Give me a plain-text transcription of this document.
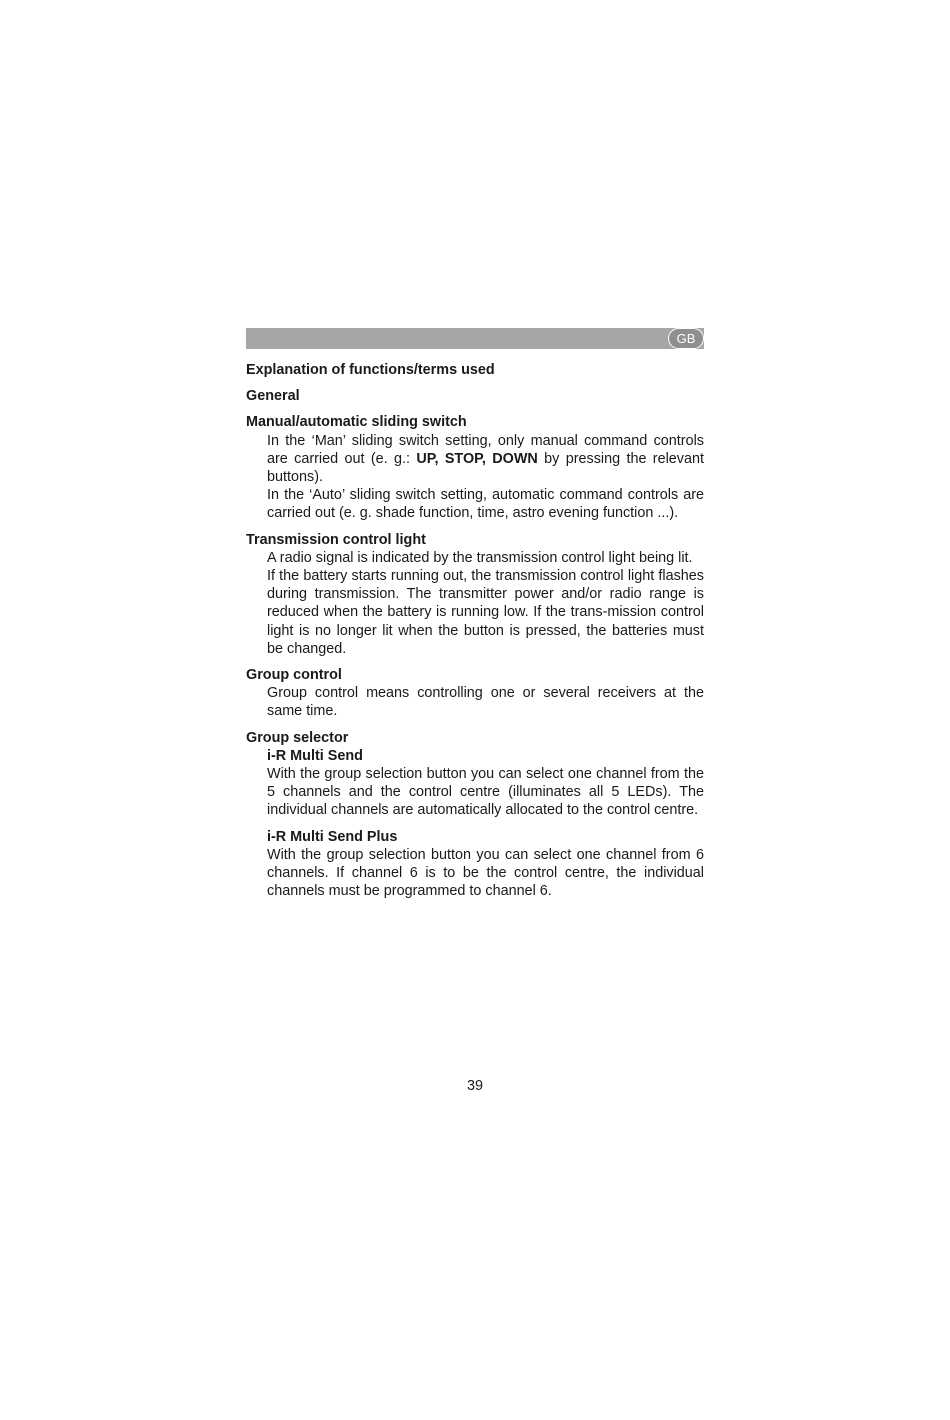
GB

Explanation of functions/terms used

General

Manual/automatic sliding switch

In the ‘Man’ sliding switch setting, only manual command controls are carried out (e. g.: UP, STOP, DOWN by pressing the relevant buttons).

In the ‘Auto’ sliding switch setting, automatic command controls are carried out (e. g. shade function, time, astro evening function ...).

Transmission control light

A radio signal is indicated by the transmission control light being lit.

If the battery starts running out, the transmission control light flashes during transmission. The transmitter power and/or radio range is reduced when the battery is running low. If the trans-mission control light is no longer lit when the button is pressed, the batteries must be changed.

Group control

Group control means controlling one or several receivers at the same time.

Group selector

i-R Multi Send

With the group selection button you can select one channel from the 5 channels and the control centre (illuminates all 5 LEDs). The individual channels are automatically allocated to the control centre.

i-R Multi Send Plus

With the group selection button you can select one channel from 6 channels. If channel 6 is to be the control centre, the individual channels must be programmed to channel 6.

39
